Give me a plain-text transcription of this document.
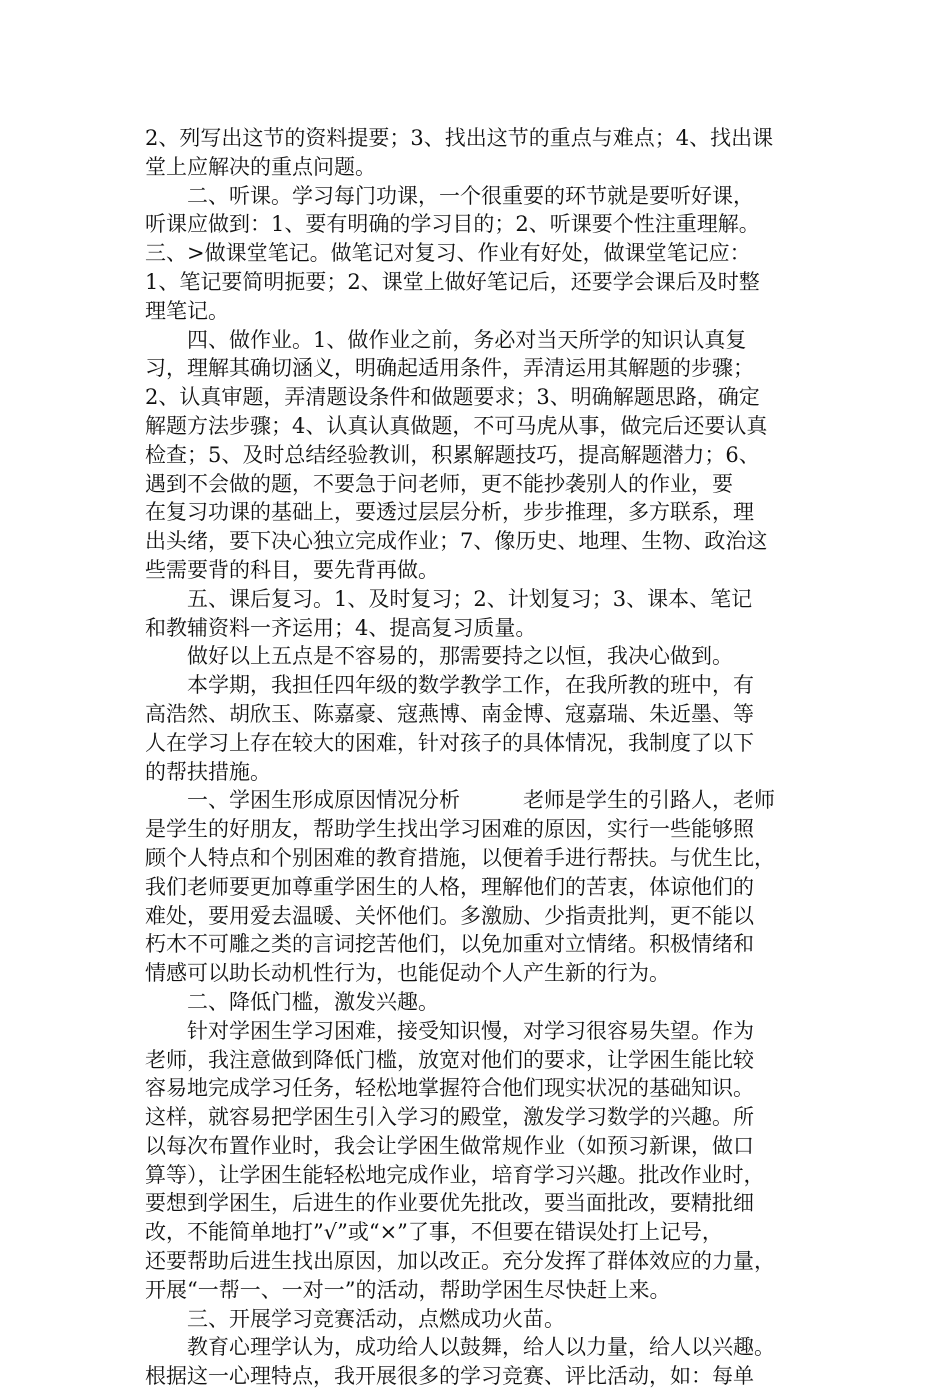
2、列写出这节的资料提要；3、找出这节的重点与难点；4、找出课
堂上应解决的重点问题。
　　二、听课。学习每门功课，一个很重要的环节就是要听好课，
听课应做到：1、要有明确的学习目的；2、听课要个性注重理解。
三、>做课堂笔记。做笔记对复习、作业有好处，做课堂笔记应：
1、笔记要简明扼要；2、课堂上做好笔记后，还要学会课后及时整
理笔记。
　　四、做作业。1、做作业之前，务必对当天所学的知识认真复
习，理解其确切涵义，明确起适用条件，弄清运用其解题的步骤；
2、认真审题，弄清题设条件和做题要求；3、明确解题思路，确定
解题方法步骤；4、认真认真做题，不可马虎从事，做完后还要认真
检查；5、及时总结经验教训，积累解题技巧，提高解题潜力；6、
遇到不会做的题，不要急于问老师，更不能抄袭别人的作业，要
在复习功课的基础上，要透过层层分析，步步推理，多方联系，理
出头绪，要下决心独立完成作业；7、像历史、地理、生物、政治这
些需要背的科目，要先背再做。
　　五、课后复习。1、及时复习；2、计划复习；3、课本、笔记
和教辅资料一齐运用；4、提高复习质量。
　　做好以上五点是不容易的，那需要持之以恒，我决心做到。
　　本学期，我担任四年级的数学教学工作，在我所教的班中，有
高浩然、胡欣玉、陈嘉豪、寇燕博、南金博、寇嘉瑞、朱近墨、等
人在学习上存在较大的困难，针对孩子的具体情况，我制度了以下
的帮扶措施。
　　一、学困生形成原因情况分析　　　老师是学生的引路人，老师
是学生的好朋友，帮助学生找出学习困难的原因，实行一些能够照
顾个人特点和个别困难的教育措施，以便着手进行帮扶。与优生比，
我们老师要更加尊重学困生的人格，理解他们的苦衷，体谅他们的
难处，要用爱去温暖、关怀他们。多激励、少指责批判，更不能以
朽木不可雕之类的言词挖苦他们，以免加重对立情绪。积极情绪和
情感可以助长动机性行为，也能促动个人产生新的行为。
　　二、降低门槛，激发兴趣。
　　针对学困生学习困难，接受知识慢，对学习很容易失望。作为
老师，我注意做到降低门槛，放宽对他们的要求，让学困生能比较
容易地完成学习任务，轻松地掌握符合他们现实状况的基础知识。
这样，就容易把学困生引入学习的殿堂，激发学习数学的兴趣。所
以每次布置作业时，我会让学困生做常规作业（如预习新课，做口
算等），让学困生能轻松地完成作业，培育学习兴趣。批改作业时，
要想到学困生，后进生的作业要优先批改，要当面批改，要精批细
改，不能简单地打”√”或“×”了事，不但要在错误处打上记号，
还要帮助后进生找出原因，加以改正。充分发挥了群体效应的力量，
开展“一帮一、一对一”的活动，帮助学困生尽快赶上来。
　　三、开展学习竞赛活动，点燃成功火苗。
　　教育心理学认为，成功给人以鼓舞，给人以力量，给人以兴趣。
根据这一心理特点，我开展很多的学习竞赛、评比活动，如：每单
